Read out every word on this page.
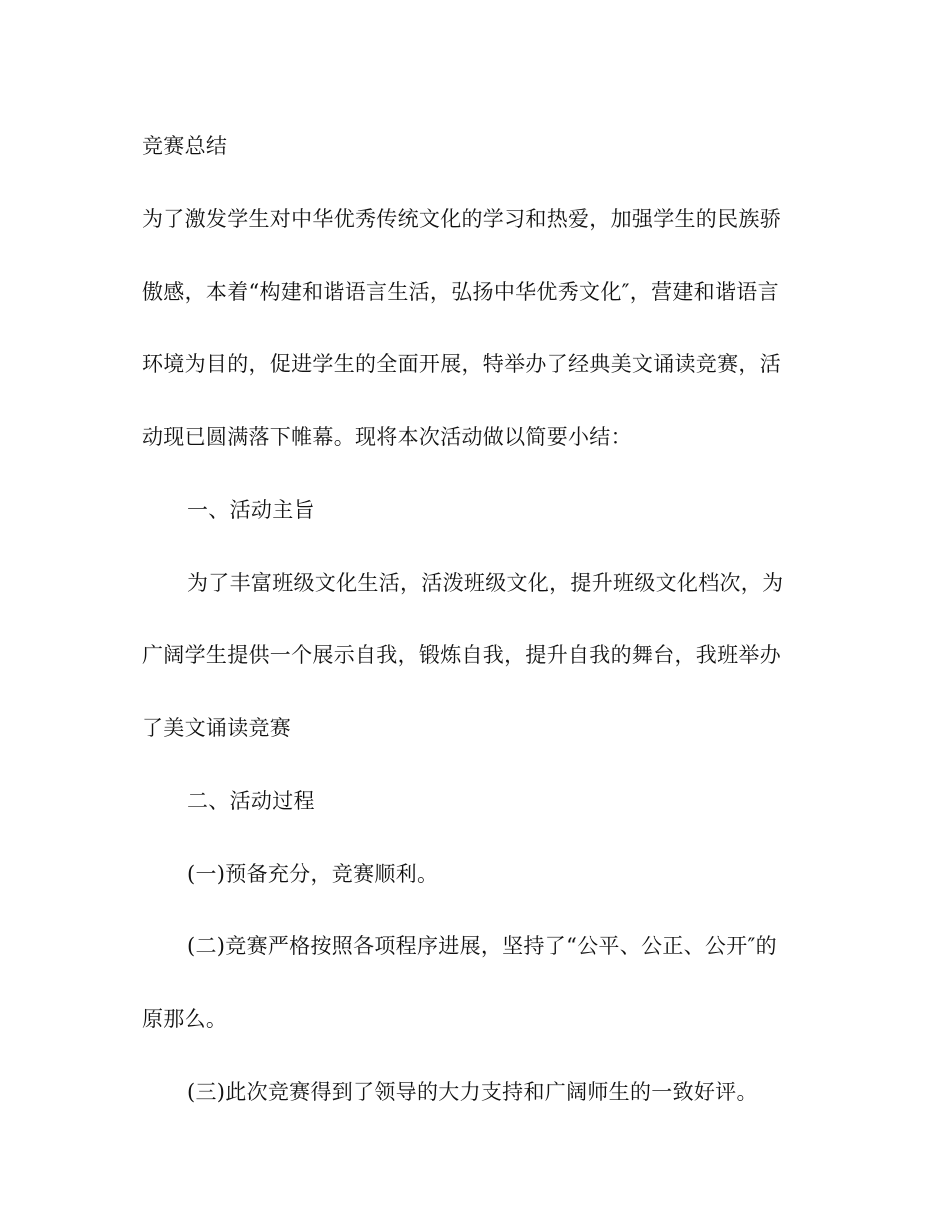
竞赛总结
为了激发学生对中华优秀传统文化的学习和热爱，加强学生的民族骄
傲感，本着“构建和谐语言生活，弘扬中华优秀文化″，营建和谐语言
环境为目的，促进学生的全面开展，特举办了经典美文诵读竞赛，活
动现已圆满落下帷幕。现将本次活动做以简要小结：
一、活动主旨
为了丰富班级文化生活，活泼班级文化，提升班级文化档次，为
广阔学生提供一个展示自我，锻炼自我，提升自我的舞台，我班举办
了美文诵读竞赛
二、活动过程
(一)预备充分，竞赛顺利。
(二)竞赛严格按照各项程序进展，坚持了“公平、公正、公开″的
原那么。
(三)此次竞赛得到了领导的大力支持和广阔师生的一致好评。
